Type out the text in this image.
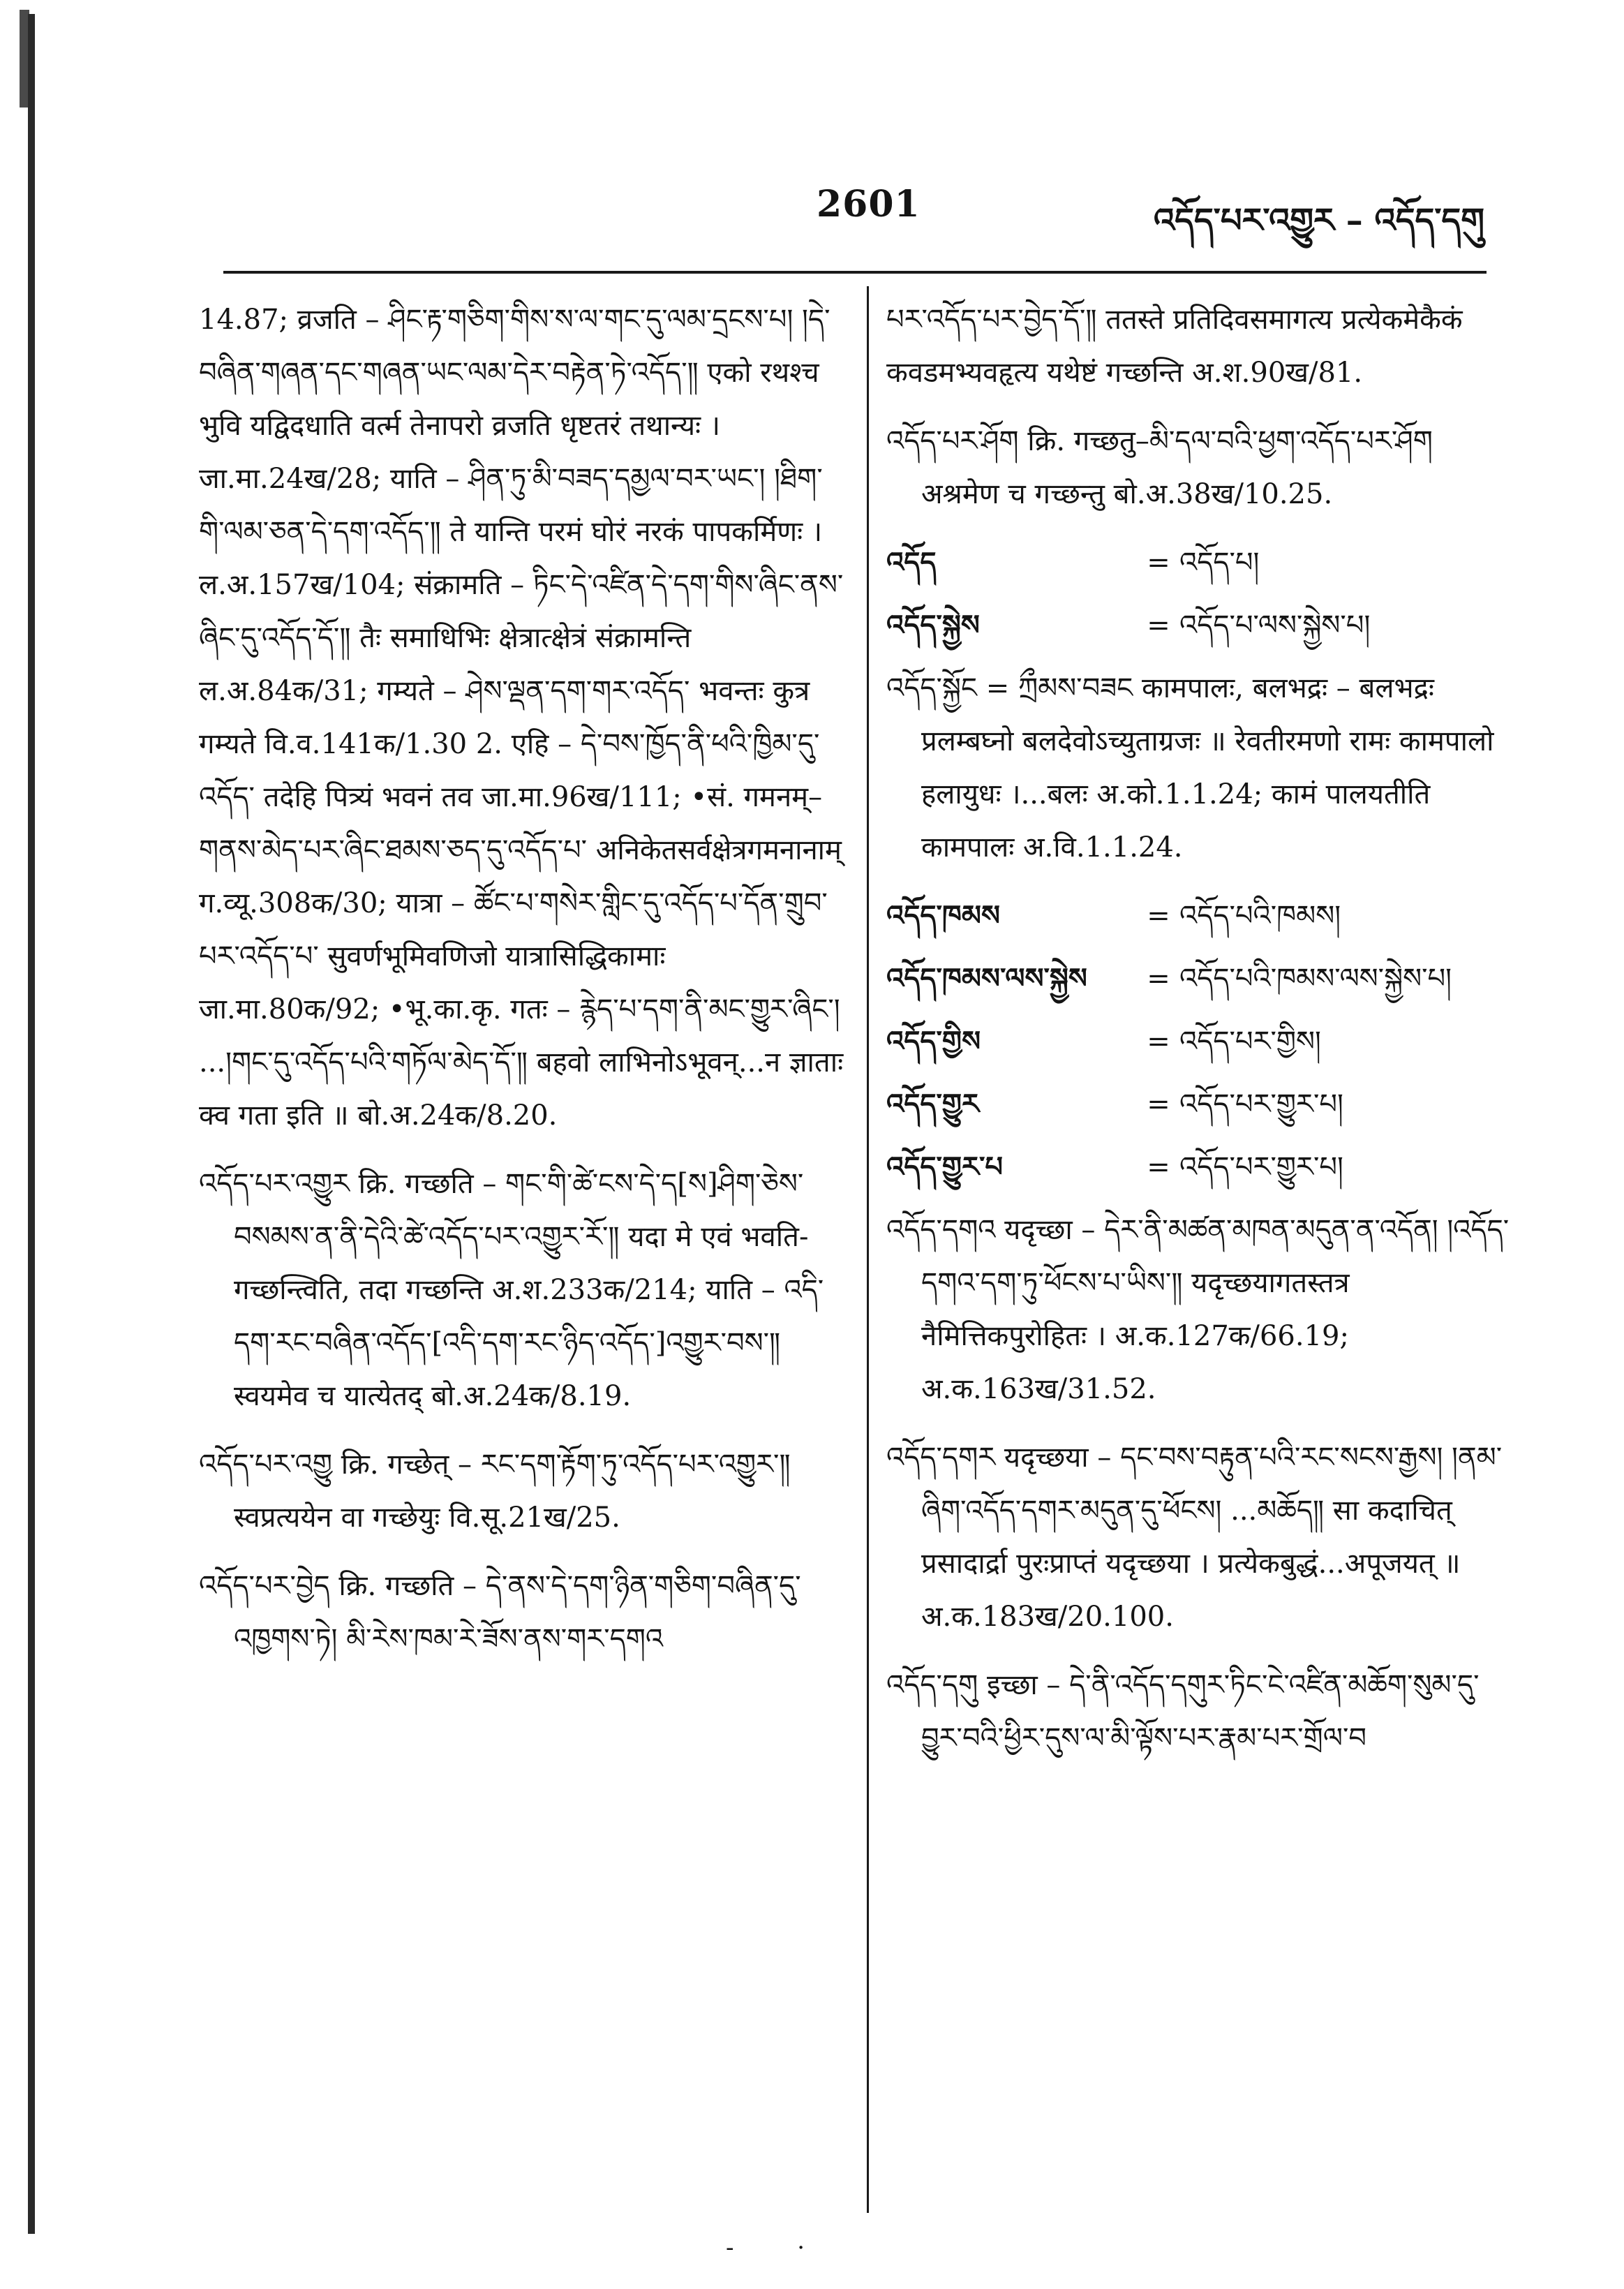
2601	འདོད་པར་འགྱུར – འདོད་དགུ

14.87; व्रजति – ཤིང་རྟ་གཅིག་གིས་ས་ལ་གང་དུ་ལམ་དྲངས་པ། །དེ་བཞིན་གཞན་དང་གཞན་ཡང་ལམ་དེར་བརྟེན་ཏེ་འདོད་༎ एको रथश्च भुवि यद्विदधाति वर्त्म तेनापरो व्रजति धृष्टतरं तथान्यः । जा.मा.24ख/28; याति – ཤིན་ཏུ་མི་བཟད་དམྱལ་བར་ཡང་། །ཐིག་གི་ལམ་ཅན་དེ་དག་འདོད་༎ ते यान्ति परमं घोरं नरकं पापकर्मिणः । ल.अ.157ख/104; संक्रामति – ཏིང་དེ་འཛིན་དེ་དག་གིས་ཞིང་ནས་ཞིང་དུ་འདོད་དོ་༎ तैः समाधिभिः क्षेत्रात्क्षेत्रं संक्रामन्ति ल.अ.84क/31; गम्यते – ཤེས་ལྡན་དག་གར་འདོད་ भवन्तः कुत्र गम्यते वि.व.141क/1.30 2. एहि – དེ་བས་ཁྱོད་ནི་ཕའི་ཁྱིམ་དུ་འདོད་ तदेहि पित्र्यं भवनं तव जा.मा.96ख/111; •सं. गमनम्– གནས་མེད་པར་ཞིང་ཐམས་ཅད་དུ་འདོད་པ་ अनिकेतसर्वक्षेत्रगमनानाम् ग.व्यू.308क/30; यात्रा – ཚོང་པ་གསེར་གླིང་དུ་འདོད་པ་དོན་གྲུབ་པར་འདོད་པ་ सुवर्णभूमिवणिजो यात्रासिद्धिकामाः जा.मा.80क/92; •भू.का.कृ. गतः – རྙེད་པ་དག་ནི་མང་གྱུར་ཞིང་། ...།གང་དུ་འདོད་པའི་གཏོལ་མེད་དོ་༎ बहवो लाभिनोऽभूवन्...न ज्ञाताः क्व गता इति ॥ बो.अ.24क/8.20.

འདོད་པར་འགྱུར क्रि. गच्छति – གང་གི་ཚེ་ངས་དེ་ད[ས]ཤིག་ཅེས་བསམས་ན་ནི་དེའི་ཚེ་འདོད་པར་འགྱུར་རོ་༎ यदा मे एवं भवति-गच्छन्त्विति, तदा गच्छन्ति अ.श.233क/214; याति – འདི་དག་རང་བཞིན་འདོད་[འདི་དག་རང་ཉིད་འདོད་]འགྱུར་བས་༎ स्वयमेव च यात्येतद् बो.अ.24क/8.19.

འདོད་པར་འགྱུ क्रि. गच्छेत् – རང་དག་རྟོག་ཏུ་འདོད་པར་འགྱུར་༎ स्वप्रत्ययेन वा गच्छेयुः वि.सू.21ख/25.

འདོད་པར་བྱེད क्रि. गच्छति – དེ་ནས་དེ་དག་ཉིན་གཅིག་བཞིན་དུ་འཁྱགས་ཏེ། མི་རེས་ཁམ་རེ་ཟོས་ནས་གར་དགའ

པར་འདོད་པར་བྱེད་དོ་༎ ततस्ते प्रतिदिवसमागत्य प्रत्येकमेकैकं कवडमभ्यवहृत्य यथेष्टं गच्छन्ति अ.श.90ख/81.

འདོད་པར་ཤོག क्रि. गच्छतु–མི་དལ་བའི་ཕྱག་འདོད་པར་ཤོག अश्रमेण च गच्छन्तु बो.अ.38ख/10.25.

འདོད	= འདོད་པ།
འདོད་སྐྱེས	= འདོད་པ་ལས་སྐྱེས་པ།

འདོད་སྐྱོང = ཀྲྀམས་བཟང कामपालः, बलभद्रः – बलभद्रः प्रलम्बघ्नो बलदेवोऽच्युताग्रजः ॥ रेवतीरमणो रामः कामपालो हलायुधः ।...बलः अ.को.1.1.24; कामं पालयतीति कामपालः अ.वि.1.1.24.

འདོད་ཁམས	= འདོད་པའི་ཁམས།
འདོད་ཁམས་ལས་སྐྱེས	= འདོད་པའི་ཁམས་ལས་སྐྱེས་པ།
འདོད་གྱིས	= འདོད་པར་གྱིས།
འདོད་གྱུར	= འདོད་པར་གྱུར་པ།
འདོད་གྱུར་པ	= འདོད་པར་གྱུར་པ།

འདོད་དགའ यदृच्छा – དེར་ནི་མཚན་མཁན་མདུན་ན་འདོན། །འདོད་དགའ་དག་ཏུ་ཕོངས་པ་ཡིས་༎ यदृच्छयागतस्तत्र नैमित्तिकपुरोहितः । अ.क.127क/66.19; अ.क.163ख/31.52.

འདོད་དགར यदृच्छया – དང་བས་བརྟུན་པའི་རང་སངས་རྒྱས། །ནམ་ཞིག་འདོད་དགར་མདུན་དུ་ཕོངས། ...མཆོད༎ सा कदाचित् प्रसादार्द्रा पुरःप्राप्तं यदृच्छया । प्रत्येकबुद्धं...अपूजयत् ॥ अ.क.183ख/20.100.

འདོད་དགུ इच्छा – དེ་ནི་འདོད་དགུར་ཏིང་ངེ་འཛིན་མཆོག་སུམ་དུ་བྱུར་བའི་ཕྱིར་དུས་ལ་མི་ལྟོས་པར་རྣམ་པར་གྲོལ་བ

- ·
